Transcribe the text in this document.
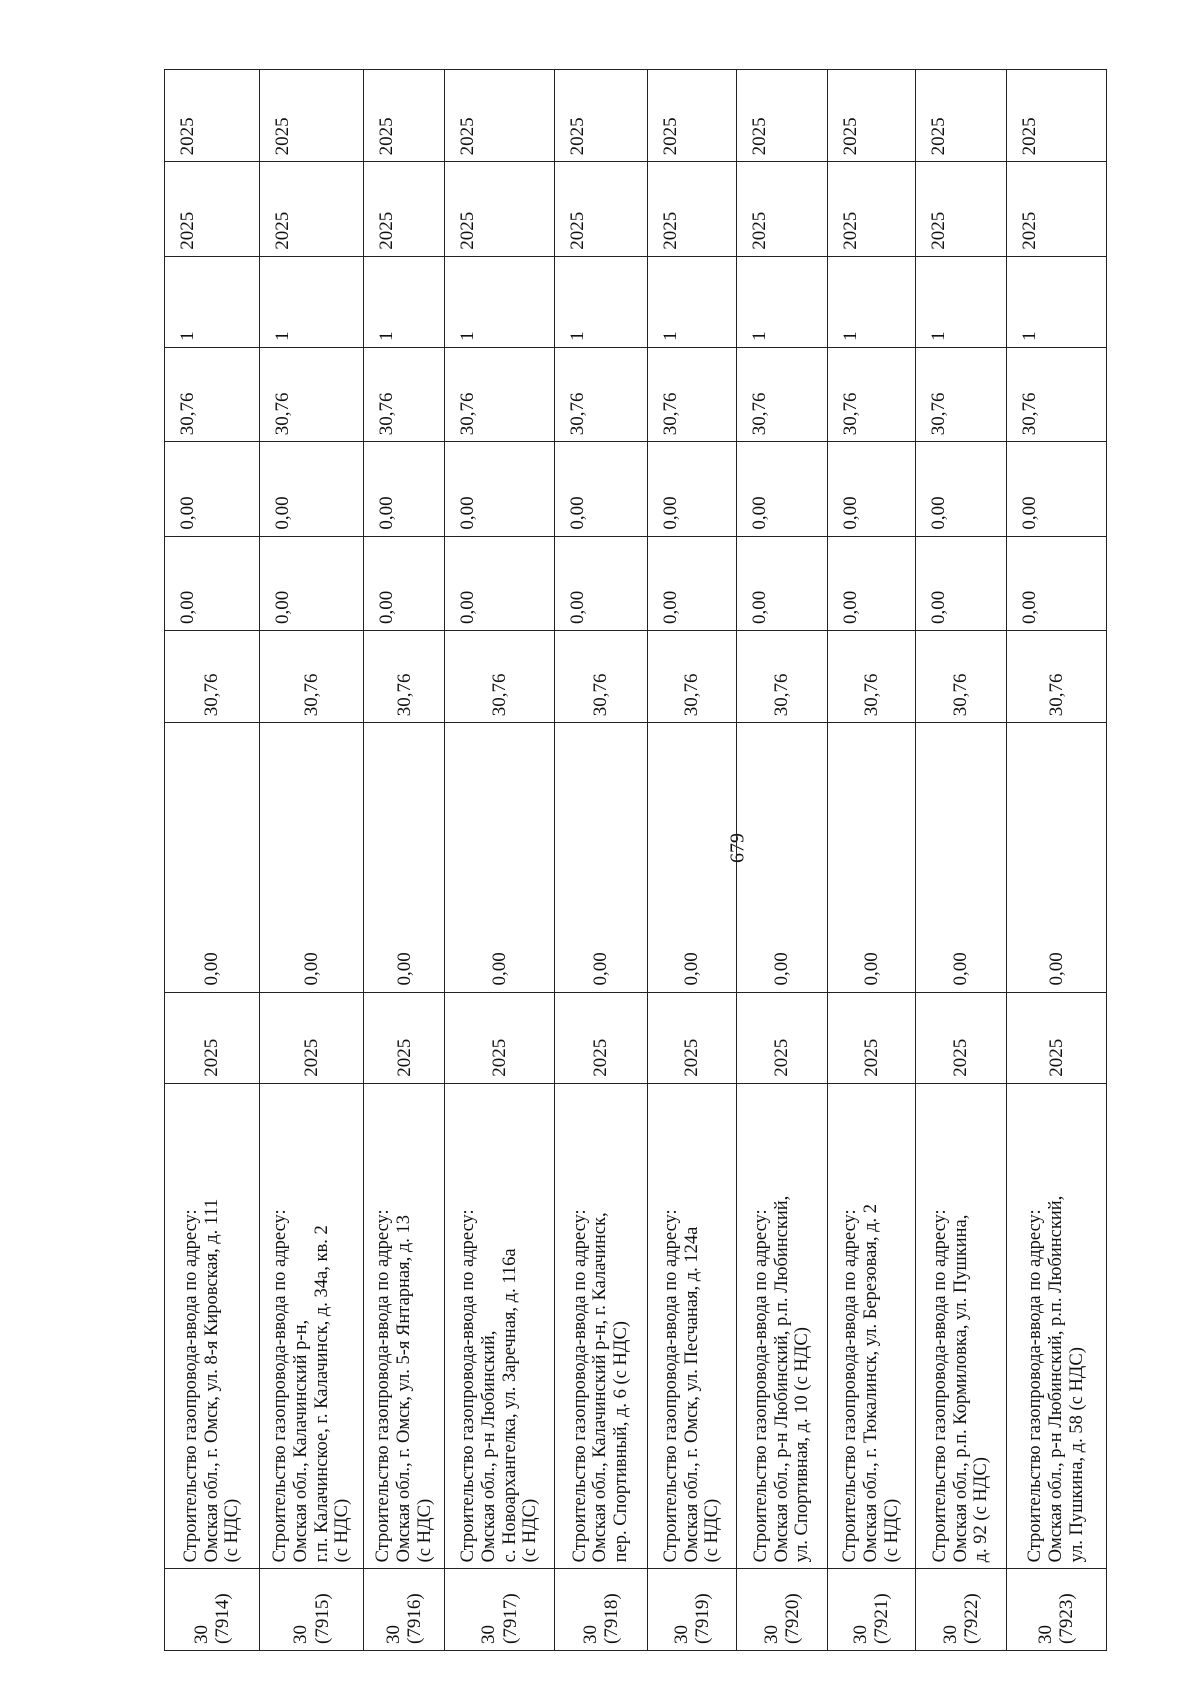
679
30 (7914)	Строительство газопровода-ввода по адресу: Омская обл., г. Омск, ул. 8-я Кировская, д. 111 (с НДС)	2025	0,00	30,76	0,00	0,00	30,76	1	2025	2025

30 (7915)	Строительство газопровода-ввода по адресу: Омская обл., Калачинский р-н, г.п. Калачинское, г. Калачинск, д. 34а, кв. 2 (с НДС)	2025	0,00	30,76	0,00	0,00	30,76	1	2025	2025

30 (7916)	Строительство газопровода-ввода по адресу: Омская обл., г. Омск, ул. 5-я Янтарная, д. 13 (с НДС)	2025	0,00	30,76	0,00	0,00	30,76	1	2025	2025

30 (7917)	Строительство газопровода-ввода по адресу: Омская обл., р-н Любинский, с. Новоархангелка, ул. Заречная, д. 116а (с НДС)	2025	0,00	30,76	0,00	0,00	30,76	1	2025	2025

30 (7918)	Строительство газопровода-ввода по адресу: Омская обл., Калачинский р-н, г. Калачинск, пер. Спортивный, д. 6 (с НДС)	2025	0,00	30,76	0,00	0,00	30,76	1	2025	2025

30 (7919)	Строительство газопровода-ввода по адресу: Омская обл., г. Омск, ул. Песчаная, д. 124а (с НДС)	2025	0,00	30,76	0,00	0,00	30,76	1	2025	2025

30 (7920)	Строительство газопровода-ввода по адресу: Омская обл., р-н Любинский, р.п. Любинский, ул. Спортивная, д. 10 (с НДС)	2025	0,00	30,76	0,00	0,00	30,76	1	2025	2025

30 (7921)	Строительство газопровода-ввода по адресу: Омская обл., г. Тюкалинск, ул. Березовая, д. 2 (с НДС)	2025	0,00	30,76	0,00	0,00	30,76	1	2025	2025

30 (7922)	Строительство газопровода-ввода по адресу: Омская обл., р.п. Кормиловка, ул. Пушкина, д. 92 (с НДС)	2025	0,00	30,76	0,00	0,00	30,76	1	2025	2025

30 (7923)	Строительство газопровода-ввода по адресу: Омская обл., р-н Любинский, р.п. Любинский, ул. Пушкина, д. 58 (с НДС)	2025	0,00	30,76	0,00	0,00	30,76	1	2025	2025
